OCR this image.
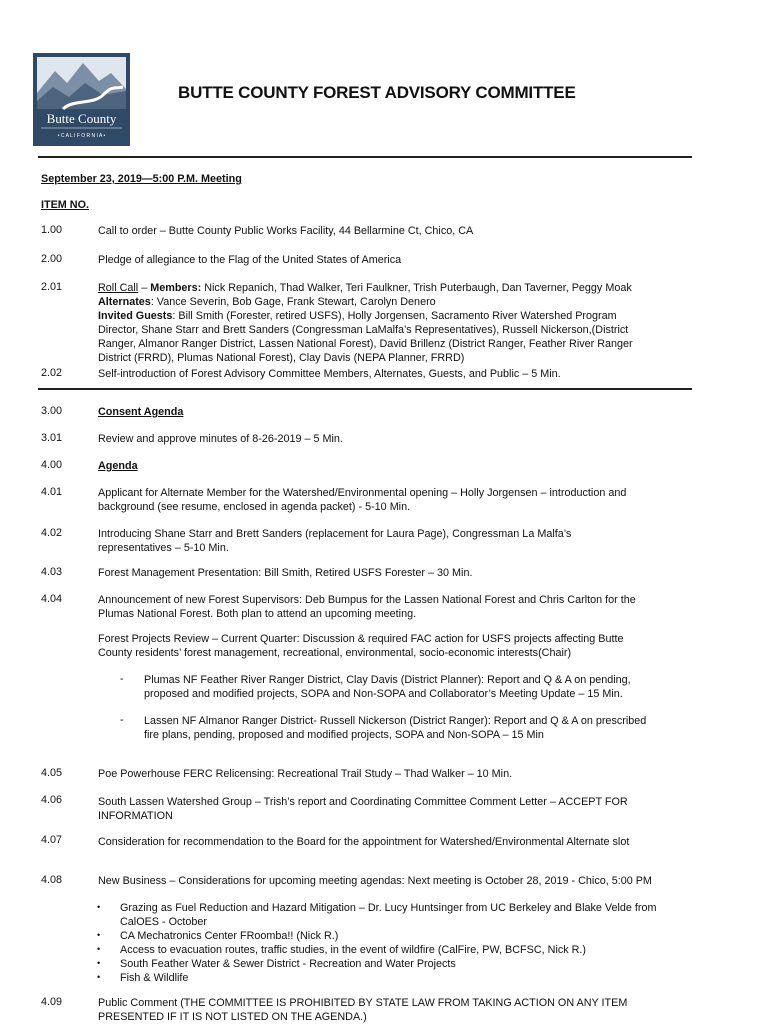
Butte County
• C A L I F O R N I A •
BUTTE COUNTY FOREST ADVISORY COMMITTEE
September 23, 2019—5:00 P.M. Meeting
ITEM NO.
1.00	Call to order – Butte County Public Works Facility, 44 Bellarmine Ct, Chico, CA
2.00	Pledge of allegiance to the Flag of the United States of America
2.01	Roll Call – Members: Nick Repanich, Thad Walker, Teri Faulkner, Trish Puterbaugh, Dan Taverner, Peggy Moak
Alternates: Vance Severin, Bob Gage, Frank Stewart, Carolyn Denero
Invited Guests: Bill Smith (Forester, retired USFS), Holly Jorgensen, Sacramento River Watershed Program
Director, Shane Starr and Brett Sanders (Congressman LaMalfa’s Representatives), Russell Nickerson,(District
Ranger, Almanor Ranger District, Lassen National Forest), David Brillenz (District Ranger, Feather River Ranger
District (FRRD), Plumas National Forest), Clay Davis (NEPA Planner, FRRD)
2.02	Self-introduction of Forest Advisory Committee Members, Alternates, Guests, and Public – 5 Min.
3.00	Consent Agenda
3.01	Review and approve minutes of 8-26-2019 – 5 Min.
4.00	Agenda
4.01	Applicant for Alternate Member for the Watershed/Environmental opening – Holly Jorgensen – introduction and
background (see resume, enclosed in agenda packet) - 5-10 Min.
4.02	Introducing Shane Starr and Brett Sanders (replacement for Laura Page), Congressman La Malfa’s
representatives – 5-10 Min.
4.03	Forest Management Presentation: Bill Smith, Retired USFS Forester – 30 Min.
4.04	Announcement of new Forest Supervisors: Deb Bumpus for the Lassen National Forest and Chris Carlton for the
Plumas National Forest. Both plan to attend an upcoming meeting.
Forest Projects Review – Current Quarter: Discussion & required FAC action for USFS projects affecting Butte
County residents’ forest management, recreational, environmental, socio-economic interests(Chair)
- Plumas NF Feather River Ranger District, Clay Davis (District Planner): Report and Q & A on pending,
proposed and modified projects, SOPA and Non-SOPA and Collaborator’s Meeting Update – 15 Min.
- Lassen NF Almanor Ranger District- Russell Nickerson (District Ranger): Report and Q & A on prescribed
fire plans, pending, proposed and modified projects, SOPA and Non-SOPA – 15 Min
4.05	Poe Powerhouse FERC Relicensing: Recreational Trail Study – Thad Walker – 10 Min.
4.06	South Lassen Watershed Group – Trish’s report and Coordinating Committee Comment Letter – ACCEPT FOR
INFORMATION
4.07	Consideration for recommendation to the Board for the appointment for Watershed/Environmental Alternate slot
4.08	New Business – Considerations for upcoming meeting agendas: Next meeting is October 28, 2019 - Chico, 5:00 PM
• Grazing as Fuel Reduction and Hazard Mitigation – Dr. Lucy Huntsinger from UC Berkeley and Blake Velde from
CalOES - October
• CA Mechatronics Center FRoomba!! (Nick R.)
• Access to evacuation routes, traffic studies, in the event of wildfire (CalFire, PW, BCFSC, Nick R.)
• South Feather Water & Sewer District - Recreation and Water Projects
• Fish & Wildlife
4.09	Public Comment (THE COMMITTEE IS PROHIBITED BY STATE LAW FROM TAKING ACTION ON ANY ITEM
PRESENTED IF IT IS NOT LISTED ON THE AGENDA.)
